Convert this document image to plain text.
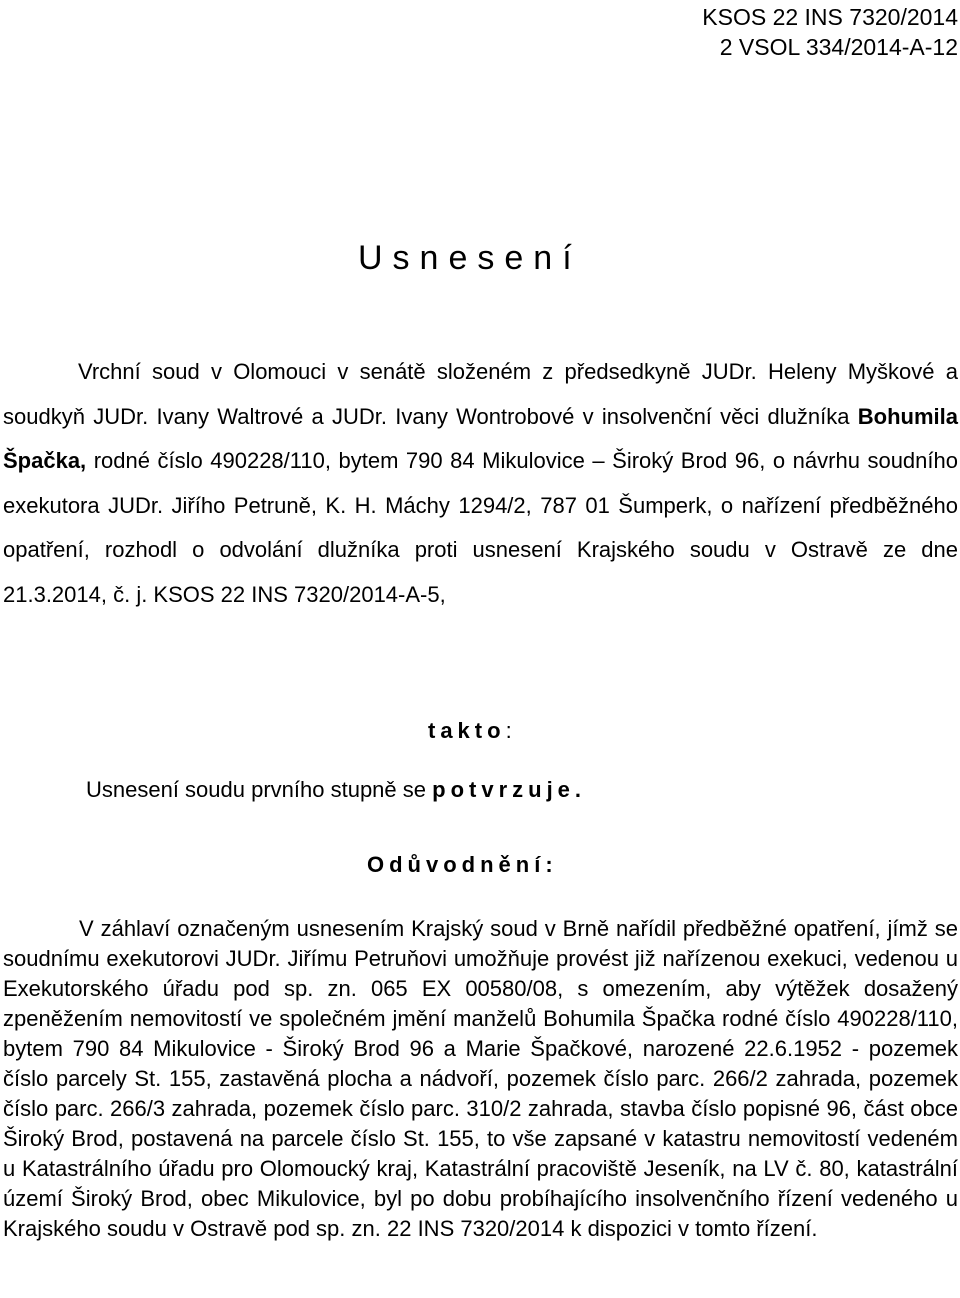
KSOS 22 INS 7320/2014
2 VSOL 334/2014-A-12
Usnesení

Vrchní soud v Olomouci v senátě složeném z předsedkyně JUDr. Heleny Myškové a soudkyň JUDr. Ivany Waltrové a JUDr. Ivany Wontrobové v insolvenční věci dlužníka Bohumila Špačka, rodné číslo 490228/110, bytem 790 84 Mikulovice – Široký Brod 96, o návrhu soudního exekutora JUDr. Jiřího Petruně, K. H. Máchy 1294/2, 787 01 Šumperk, o nařízení předběžného opatření, rozhodl o odvolání dlužníka proti usnesení Krajského soudu v Ostravě ze dne 21.3.2014, č. j. KSOS 22 INS 7320/2014-A-5,

takto:
Usnesení soudu prvního stupně se potvrzuje.
Odůvodnění:

V záhlaví označeným usnesením Krajský soud v Brně nařídil předběžné opatření, jímž se soudnímu exekutorovi JUDr. Jiřímu Petruňovi umožňuje provést již nařízenou exekuci, vedenou u Exekutorského úřadu pod sp. zn. 065 EX 00580/08, s omezením, aby výtěžek dosažený zpeněžením nemovitostí ve společném jmění manželů Bohumila Špačka rodné číslo 490228/110, bytem 790 84 Mikulovice - Široký Brod 96 a Marie Špačkové, narozené 22.6.1952 - pozemek číslo parcely St. 155, zastavěná plocha a nádvoří, pozemek číslo parc. 266/2 zahrada, pozemek číslo parc. 266/3 zahrada, pozemek číslo parc. 310/2 zahrada, stavba číslo popisné 96, část obce Široký Brod, postavená na parcele číslo St. 155, to vše zapsané v katastru nemovitostí vedeném u Katastrálního úřadu pro Olomoucký kraj, Katastrální pracoviště Jeseník, na LV č. 80, katastrální území Široký Brod, obec Mikulovice, byl po dobu probíhajícího insolvenčního řízení vedeného u Krajského soudu v Ostravě pod sp. zn. 22 INS 7320/2014 k dispozici v tomto řízení.
